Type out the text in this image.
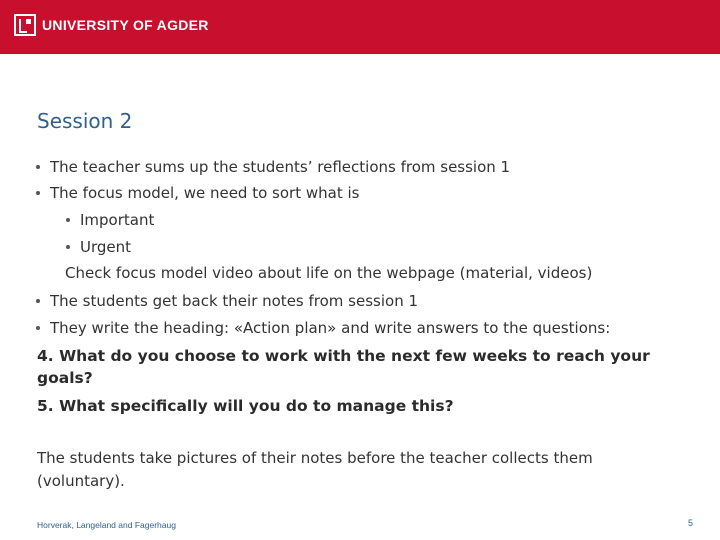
UNIVERSITY OF AGDER
Session 2
The teacher sums up the students’ reflections from session 1
The focus model, we need to sort what is
Important
Urgent
Check focus model video about life on the webpage (material, videos)
The students get back their notes from session 1
They write the heading: «Action plan» and write answers to the questions:
4. What do you choose to work with the next few weeks to reach your goals?
5. What specifically will you do to manage this?
The students take pictures of their notes before the teacher collects them (voluntary).
Horverak, Langeland and Fagerhaug	5
